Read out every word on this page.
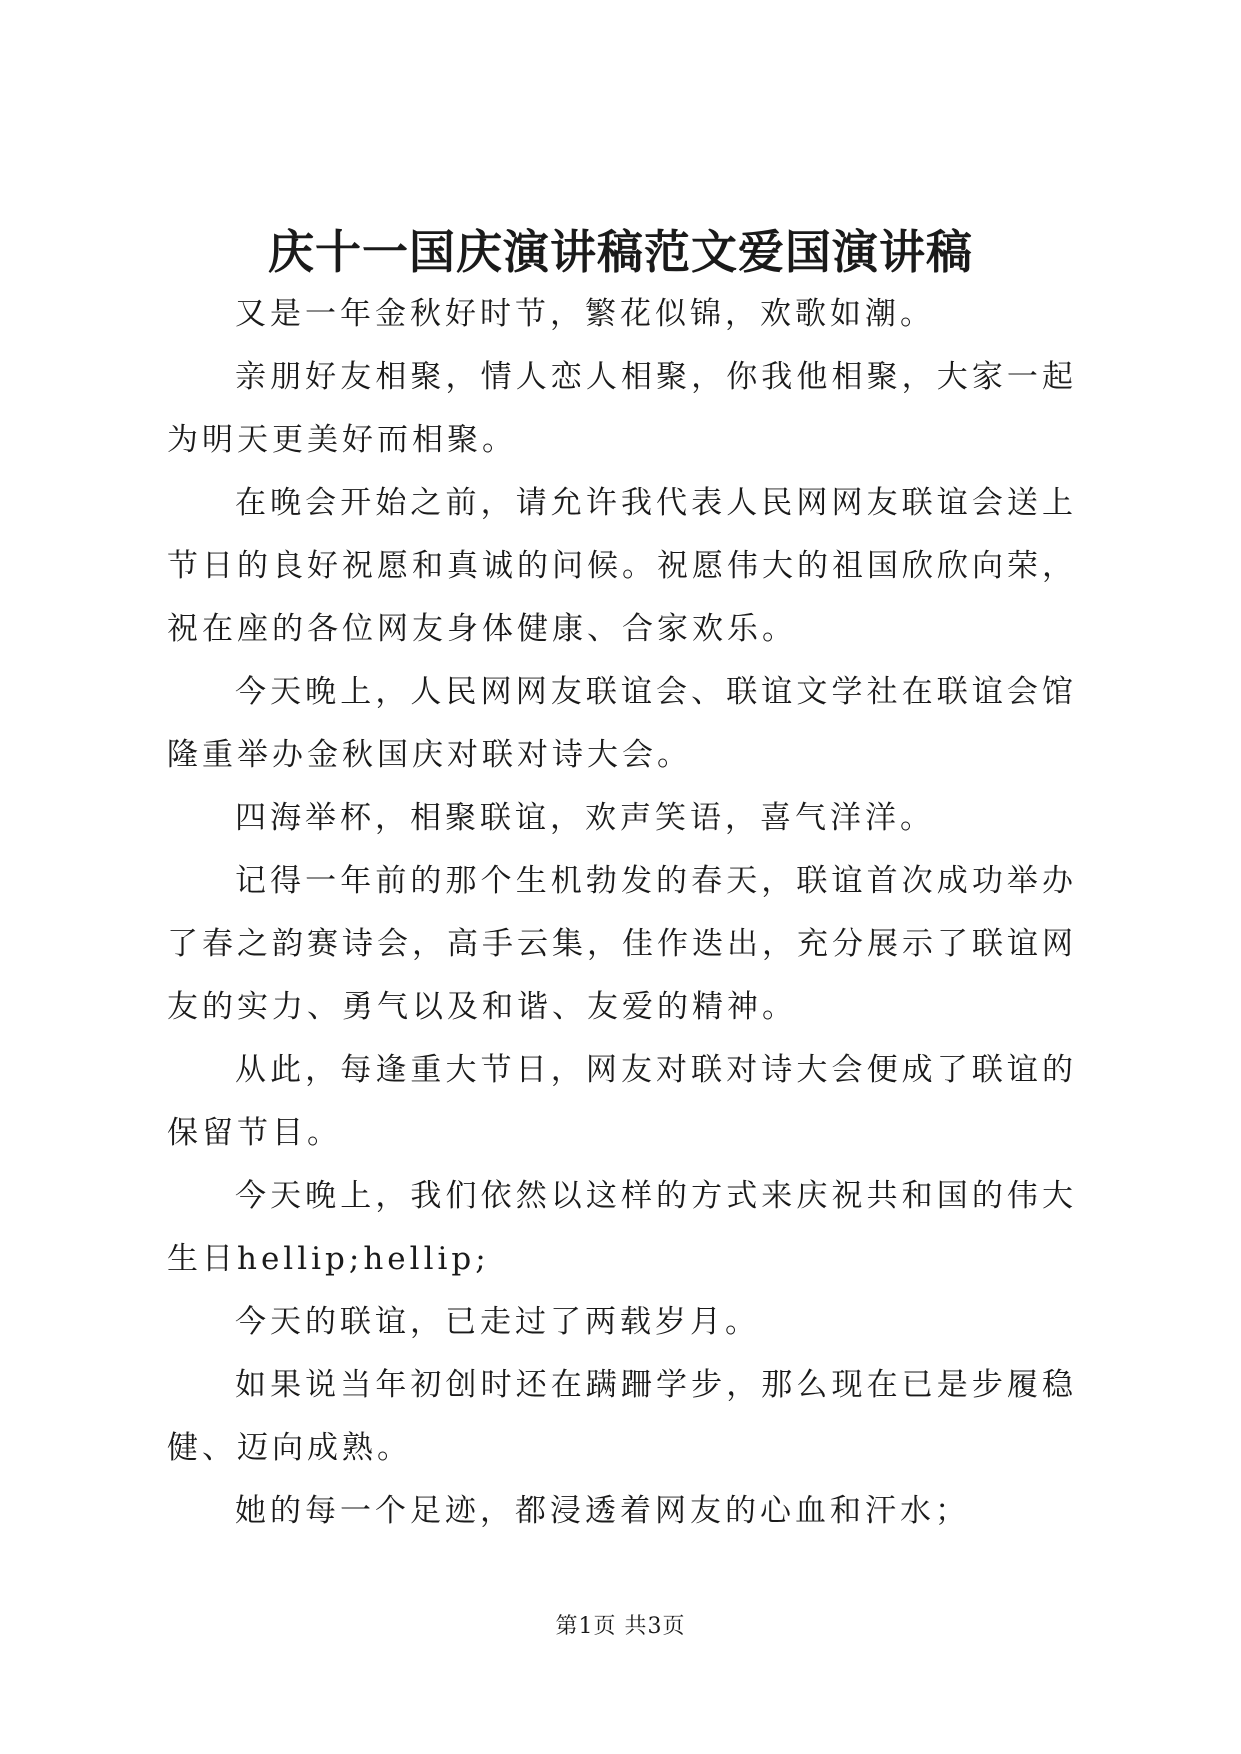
庆十一国庆演讲稿范文爱国演讲稿

又是一年金秋好时节，繁花似锦，欢歌如潮。

亲朋好友相聚，情人恋人相聚，你我他相聚，大家一起为明天更美好而相聚。

在晚会开始之前，请允许我代表人民网网友联谊会送上节日的良好祝愿和真诚的问候。祝愿伟大的祖国欣欣向荣，祝在座的各位网友身体健康、合家欢乐。

今天晚上，人民网网友联谊会、联谊文学社在联谊会馆隆重举办金秋国庆对联对诗大会。

四海举杯，相聚联谊，欢声笑语，喜气洋洋。

记得一年前的那个生机勃发的春天，联谊首次成功举办了春之韵赛诗会，高手云集，佳作迭出，充分展示了联谊网友的实力、勇气以及和谐、友爱的精神。

从此，每逢重大节日，网友对联对诗大会便成了联谊的保留节目。

今天晚上，我们依然以这样的方式来庆祝共和国的伟大生日hellip;hellip;

今天的联谊，已走过了两载岁月。

如果说当年初创时还在蹒跚学步，那么现在已是步履稳健、迈向成熟。

她的每一个足迹，都浸透着网友的心血和汗水；

第1页 共3页
